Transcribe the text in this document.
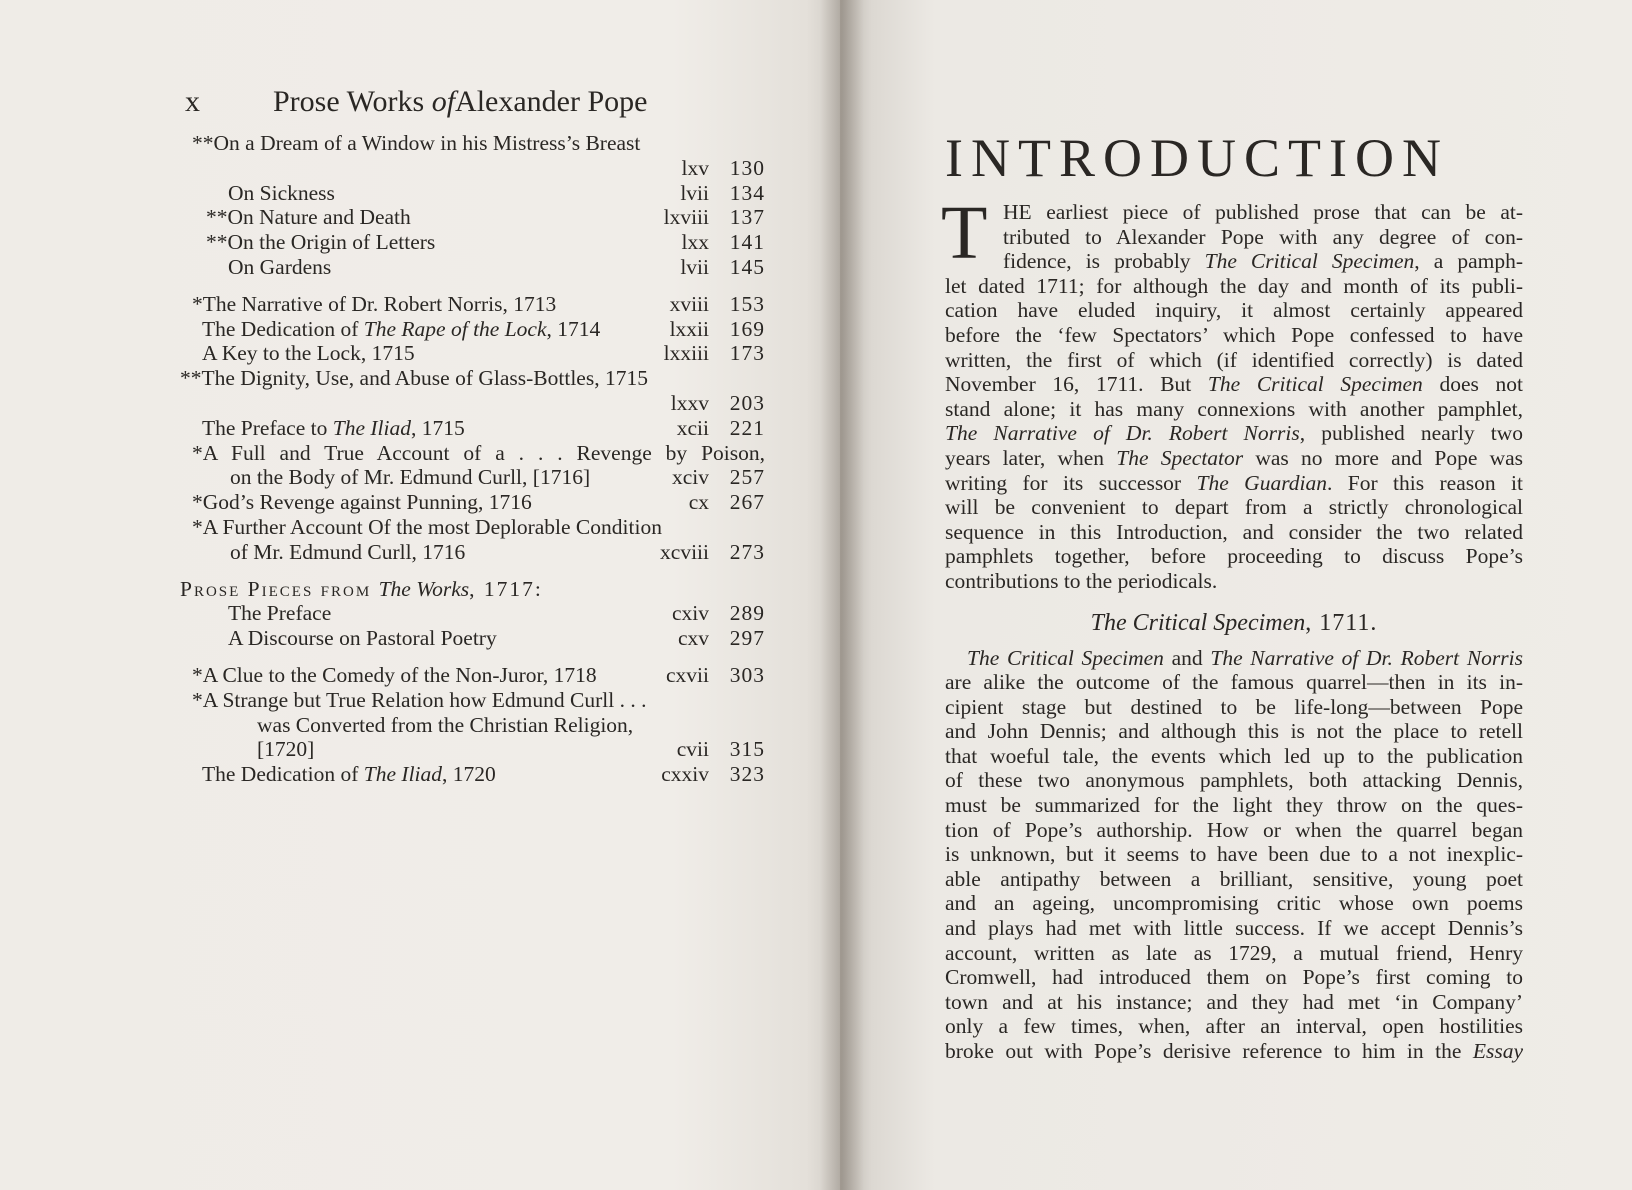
x Prose Works ofAlexander Pope
**On a Dream of a Window in his Mistress’s Breast
lxv 130
On Sickness	lvii 134
**On Nature and Death	lxviii 137
**On the Origin of Letters	lxx 141
On Gardens	lvii 145
*The Narrative of Dr. Robert Norris, 1713	xviii 153
The Dedication of The Rape of the Lock, 1714	lxxii 169
A Key to the Lock, 1715	lxxiii 173
**The Dignity, Use, and Abuse of Glass-Bottles, 1715
lxxv 203
The Preface to The Iliad, 1715	xcii 221
*A Full and True Account of a . . . Revenge by Poison,
on the Body of Mr. Edmund Curll, [1716]	xciv 257
*God’s Revenge against Punning, 1716	cx 267
*A Further Account Of the most Deplorable Condition
of Mr. Edmund Curll, 1716	xcviii 273
Prose Pieces from The Works, 1717:
The Preface	cxiv 289
A Discourse on Pastoral Poetry	cxv 297
*A Clue to the Comedy of the Non-Juror, 1718	cxvii 303
*A Strange but True Relation how Edmund Curll . . .
was Converted from the Christian Religion,
[1720]	cvii 315
The Dedication of The Iliad, 1720	cxxiv 323
INTRODUCTION
T HE earliest piece of published prose that can be at-
tributed to Alexander Pope with any degree of con-
fidence, is probably The Critical Specimen, a pamph-
let dated 1711; for although the day and month of its publi-
cation have eluded inquiry, it almost certainly appeared
before the ‘few Spectators’ which Pope confessed to have
written, the first of which (if identified correctly) is dated
November 16, 1711. But The Critical Specimen does not
stand alone; it has many connexions with another pamphlet,
The Narrative of Dr. Robert Norris, published nearly two
years later, when The Spectator was no more and Pope was
writing for its successor The Guardian. For this reason it
will be convenient to depart from a strictly chronological
sequence in this Introduction, and consider the two related
pamphlets together, before proceeding to discuss Pope’s
contributions to the periodicals.
The Critical Specimen, 1711.
The Critical Specimen and The Narrative of Dr. Robert Norris
are alike the outcome of the famous quarrel—then in its in-
cipient stage but destined to be life-long—between Pope
and John Dennis; and although this is not the place to retell
that woeful tale, the events which led up to the publication
of these two anonymous pamphlets, both attacking Dennis,
must be summarized for the light they throw on the ques-
tion of Pope’s authorship. How or when the quarrel began
is unknown, but it seems to have been due to a not inexplic-
able antipathy between a brilliant, sensitive, young poet
and an ageing, uncompromising critic whose own poems
and plays had met with little success. If we accept Dennis’s
account, written as late as 1729, a mutual friend, Henry
Cromwell, had introduced them on Pope’s first coming to
town and at his instance; and they had met ‘in Company’
only a few times, when, after an interval, open hostilities
broke out with Pope’s derisive reference to him in the Essay
